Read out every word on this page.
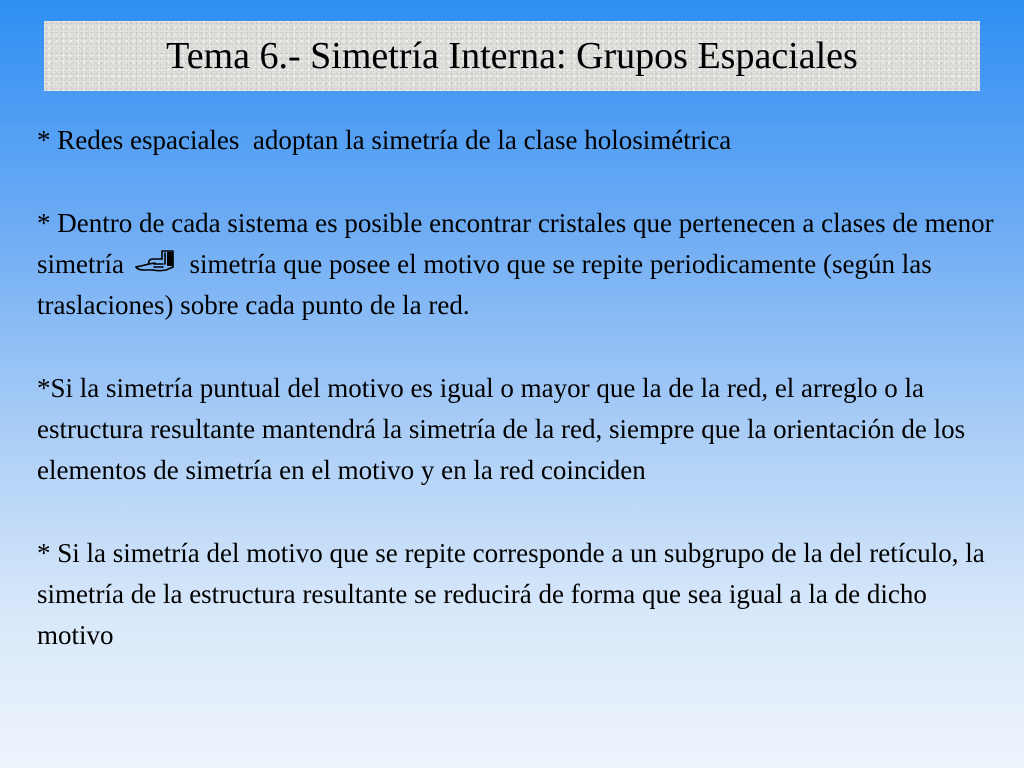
Tema 6.- Simetría Interna: Grupos Espaciales

* Redes espaciales  adoptan la simetría de la clase holosimétrica

* Dentro de cada sistema es posible encontrar cristales que pertenecen a clases de menor simetría simetría que posee el motivo que se repite periodicamente (según las traslaciones) sobre cada punto de la red.

*Si la simetría puntual del motivo es igual o mayor que la de la red, el arreglo o la estructura resultante mantendrá la simetría de la red, siempre que la orientación de los elementos de simetría en el motivo y en la red coinciden

* Si la simetría del motivo que se repite corresponde a un subgrupo de la del retículo, la simetría de la estructura resultante se reducirá de forma que sea igual a la de dicho motivo
